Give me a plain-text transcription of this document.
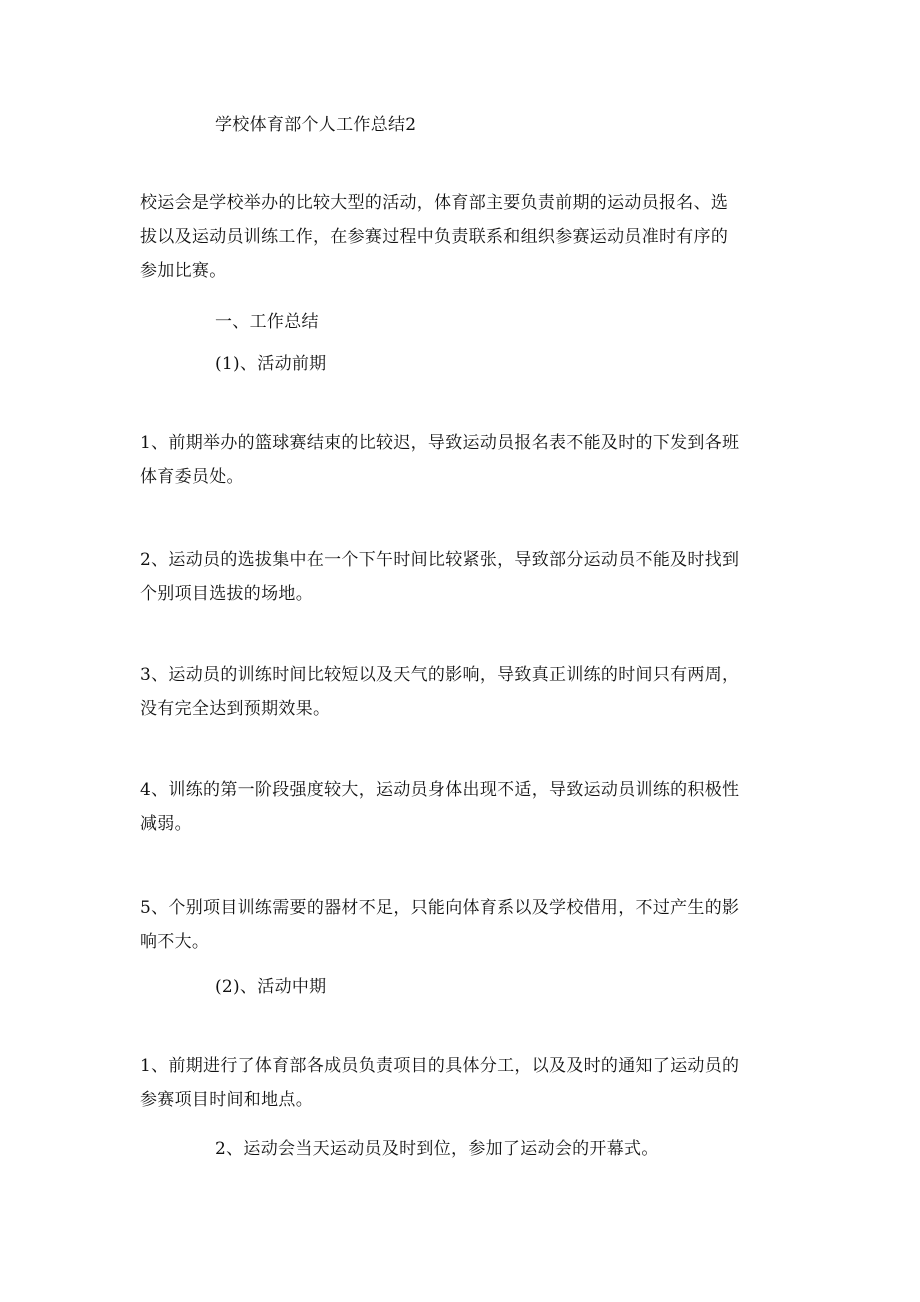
学校体育部个人工作总结2
校运会是学校举办的比较大型的活动，体育部主要负责前期的运动员报名、选
拔以及运动员训练工作，在参赛过程中负责联系和组织参赛运动员准时有序的
参加比赛。
一、工作总结
(1)、活动前期
1、前期举办的篮球赛结束的比较迟，导致运动员报名表不能及时的下发到各班
体育委员处。
2、运动员的选拔集中在一个下午时间比较紧张，导致部分运动员不能及时找到
个别项目选拔的场地。
3、运动员的训练时间比较短以及天气的影响，导致真正训练的时间只有两周，
没有完全达到预期效果。
4、训练的第一阶段强度较大，运动员身体出现不适，导致运动员训练的积极性
减弱。
5、个别项目训练需要的器材不足，只能向体育系以及学校借用，不过产生的影
响不大。
(2)、活动中期
1、前期进行了体育部各成员负责项目的具体分工，以及及时的通知了运动员的
参赛项目时间和地点。
2、运动会当天运动员及时到位，参加了运动会的开幕式。
